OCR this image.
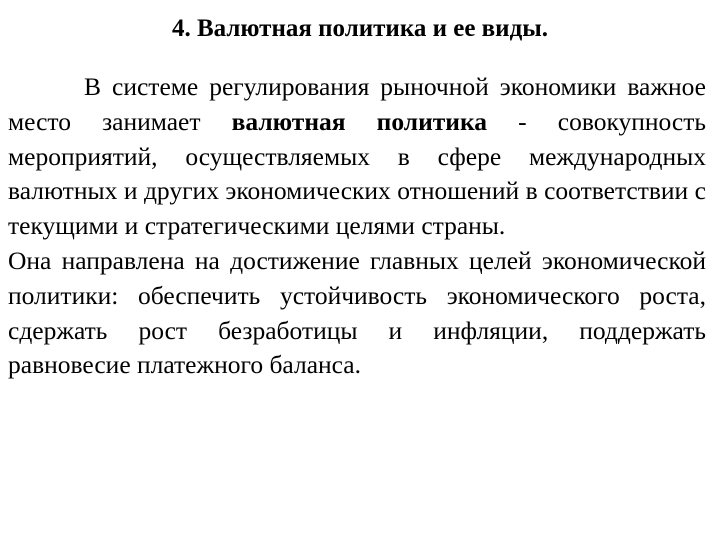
4. Валютная политика и ее виды.

В системе регулирования рыночной экономики важное место занимает валютная политика - совокупность мероприятий, осуществляемых в сфере международных валютных и других экономических отношений в соответствии с текущими и стратегическими целями страны.

Она направлена на достижение главных целей экономической политики: обеспечить устойчивость экономического роста, сдержать рост безработицы и инфляции, поддержать равновесие платежного баланса.
